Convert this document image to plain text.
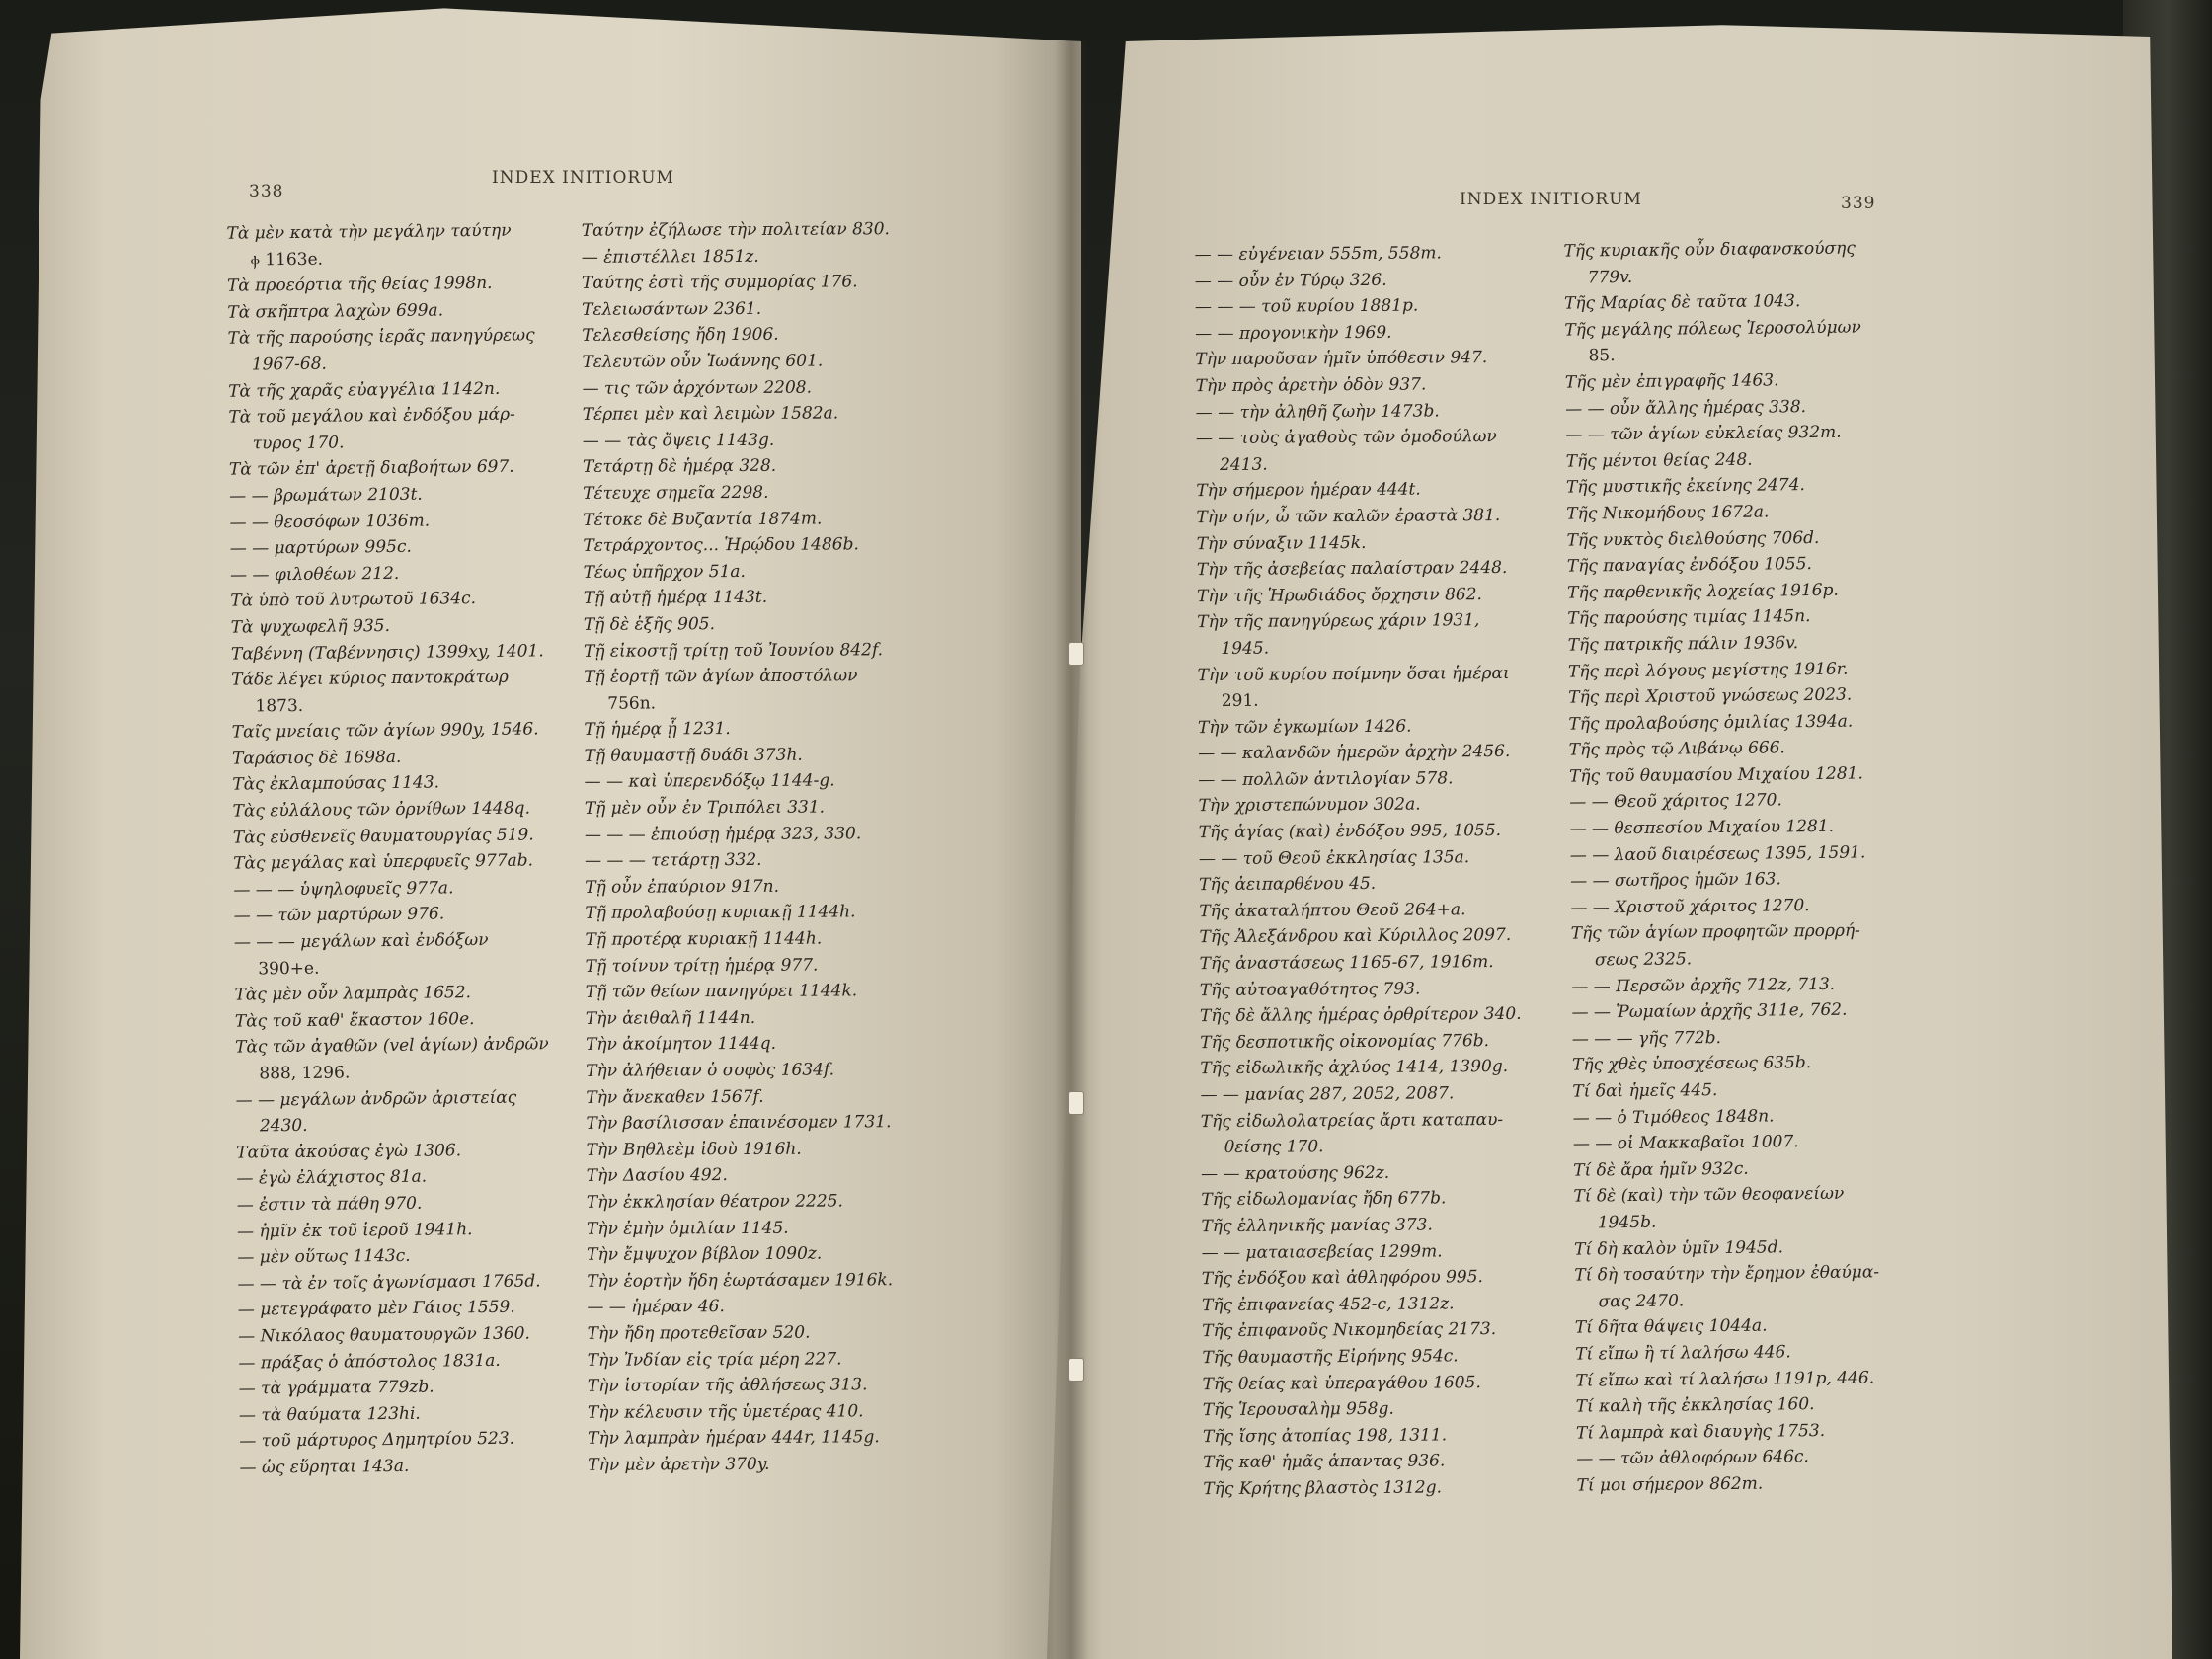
338
INDEX INITIORUM
INDEX INITIORUM	339
Τὰ μὲν κατὰ τὴν μεγάλην ταύτην
ⲫ 1163e.
Τὰ προεόρτια τῆς θείας 1998n.
Τὰ σκῆπτρα λαχὼν 699a.
Τὰ τῆς παρούσης ἱερᾶς πανηγύρεως
1967-68.
Τὰ τῆς χαρᾶς εὐαγγέλια 1142n.
Τὰ τοῦ μεγάλου καὶ ἐνδόξου μάρ-
τυρος 170.
Τὰ τῶν ἐπ' ἀρετῇ διαβοήτων 697.
— — βρωμάτων 2103t.
— — θεοσόφων 1036m.
— — μαρτύρων 995c.
— — φιλοθέων 212.
Τὰ ὑπὸ τοῦ λυτρωτοῦ 1634c.
Τὰ ψυχωφελῆ 935.
Ταβέννη (Ταβέννησις) 1399xy, 1401.
Τάδε λέγει κύριος παντοκράτωρ
1873.
Ταῖς μνείαις τῶν ἁγίων 990y, 1546.
Ταράσιος δὲ 1698a.
Τὰς ἐκλαμπούσας 1143.
Τὰς εὐλάλους τῶν ὀρνίθων 1448q.
Τὰς εὐσθενεῖς θαυματουργίας 519.
Τὰς μεγάλας καὶ ὑπερφυεῖς 977ab.
— — — ὑψηλοφυεῖς 977a.
— — τῶν μαρτύρων 976.
— — — μεγάλων καὶ ἐνδόξων
390+e.
Τὰς μὲν οὖν λαμπρὰς 1652.
Τὰς τοῦ καθ' ἕκαστον 160e.
Τὰς τῶν ἀγαθῶν (vel ἁγίων) ἀνδρῶν
888, 1296.
— — μεγάλων ἀνδρῶν ἀριστείας
2430.
Ταῦτα ἀκούσας ἐγὼ 1306.
— ἐγὼ ἐλάχιστος 81a.
— ἐστιν τὰ πάθη 970.
— ἡμῖν ἐκ τοῦ ἱεροῦ 1941h.
— μὲν οὕτως 1143c.
— — τὰ ἐν τοῖς ἀγωνίσμασι 1765d.
— μετεγράφατο μὲν Γάιος 1559.
— Νικόλαος θαυματουργῶν 1360.
— πράξας ὁ ἀπόστολος 1831a.
— τὰ γράμματα 779zb.
— τὰ θαύματα 123hi.
— τοῦ μάρτυρος Δημητρίου 523.
— ὡς εὕρηται 143a.
Ταύτην ἐζήλωσε τὴν πολιτείαν 830.
— ἐπιστέλλει 1851z.
Ταύτης ἐστὶ τῆς συμμορίας 176.
Τελειωσάντων 2361.
Τελεσθείσης ἤδη 1906.
Τελευτῶν οὖν Ἰωάννης 601.
— τις τῶν ἀρχόντων 2208.
Τέρπει μὲν καὶ λειμὼν 1582a.
— — τὰς ὄψεις 1143g.
Τετάρτῃ δὲ ἡμέρᾳ 328.
Τέτευχε σημεῖα 2298.
Τέτοκε δὲ Βυζαντία 1874m.
Τετράρχοντος... Ἡρῴδου 1486b.
Τέως ὑπῆρχον 51a.
Τῇ αὐτῇ ἡμέρᾳ 1143t.
Τῇ δὲ ἑξῆς 905.
Τῇ εἰκοστῇ τρίτῃ τοῦ Ἰουνίου 842f.
Τῇ ἑορτῇ τῶν ἁγίων ἀποστόλων
756n.
Τῇ ἡμέρᾳ ᾗ 1231.
Τῇ θαυμαστῇ δυάδι 373h.
— — καὶ ὑπερενδόξῳ 1144-g.
Τῇ μὲν οὖν ἐν Τριπόλει 331.
— — — ἐπιούσῃ ἡμέρᾳ 323, 330.
— — — τετάρτῃ 332.
Τῇ οὖν ἐπαύριον 917n.
Τῇ προλαβούσῃ κυριακῇ 1144h.
Τῇ προτέρᾳ κυριακῇ 1144h.
Τῇ τοίνυν τρίτῃ ἡμέρᾳ 977.
Τῇ τῶν θείων πανηγύρει 1144k.
Τὴν ἀειθαλῆ 1144n.
Τὴν ἀκοίμητον 1144q.
Τὴν ἀλήθειαν ὁ σοφὸς 1634f.
Τὴν ἄνεκαθεν 1567f.
Τὴν βασίλισσαν ἐπαινέσομεν 1731.
Τὴν Βηθλεὲμ ἰδοὺ 1916h.
Τὴν Δασίου 492.
Τὴν ἐκκλησίαν θέατρον 2225.
Τὴν ἐμὴν ὁμιλίαν 1145.
Τὴν ἔμψυχον βίβλον 1090z.
Τὴν ἑορτὴν ἤδη ἑωρτάσαμεν 1916k.
— — ἡμέραν 46.
Τὴν ἤδη προτεθεῖσαν 520.
Τὴν Ἰνδίαν εἰς τρία μέρη 227.
Τὴν ἱστορίαν τῆς ἀθλήσεως 313.
Τὴν κέλευσιν τῆς ὑμετέρας 410.
Τὴν λαμπρὰν ἡμέραν 444r, 1145g.
Τὴν μὲν ἀρετὴν 370y.
— — εὐγένειαν 555m, 558m.
— — οὖν ἐν Τύρῳ 326.
— — — τοῦ κυρίου 1881p.
— — προγονικὴν 1969.
Τὴν παροῦσαν ἡμῖν ὑπόθεσιν 947.
Τὴν πρὸς ἀρετὴν ὁδὸν 937.
— — τὴν ἀληθῆ ζωὴν 1473b.
— — τοὺς ἀγαθοὺς τῶν ὁμοδούλων
2413.
Τὴν σήμερον ἡμέραν 444t.
Τὴν σήν, ὦ τῶν καλῶν ἐραστὰ 381.
Τὴν σύναξιν 1145k.
Τὴν τῆς ἀσεβείας παλαίστραν 2448.
Τὴν τῆς Ἡρωδιάδος ὄρχησιν 862.
Τὴν τῆς πανηγύρεως χάριν 1931,
1945.
Τὴν τοῦ κυρίου ποίμνην ὅσαι ἡμέραι
291.
Τὴν τῶν ἐγκωμίων 1426.
— — καλανδῶν ἡμερῶν ἀρχὴν 2456.
— — πολλῶν ἀντιλογίαν 578.
Τὴν χριστεπώνυμον 302a.
Τῆς ἁγίας (καὶ) ἐνδόξου 995, 1055.
— — τοῦ Θεοῦ ἐκκλησίας 135a.
Τῆς ἀειπαρθένου 45.
Τῆς ἀκαταλήπτου Θεοῦ 264+a.
Τῆς Ἀλεξάνδρου καὶ Κύριλλος 2097.
Τῆς ἀναστάσεως 1165-67, 1916m.
Τῆς αὐτοαγαθότητος 793.
Τῆς δὲ ἄλλης ἡμέρας ὀρθρίτερον 340.
Τῆς δεσποτικῆς οἰκονομίας 776b.
Τῆς εἰδωλικῆς ἀχλύος 1414, 1390g.
— — μανίας 287, 2052, 2087.
Τῆς εἰδωλολατρείας ἄρτι καταπαυ-
θείσης 170.
— — κρατούσης 962z.
Τῆς εἰδωλομανίας ἤδη 677b.
Τῆς ἑλληνικῆς μανίας 373.
— — ματαιασεβείας 1299m.
Τῆς ἐνδόξου καὶ ἀθληφόρου 995.
Τῆς ἐπιφανείας 452-c, 1312z.
Τῆς ἐπιφανοῦς Νικομηδείας 2173.
Τῆς θαυμαστῆς Εἰρήνης 954c.
Τῆς θείας καὶ ὑπεραγάθου 1605.
Τῆς Ἱερουσαλὴμ 958g.
Τῆς ἴσης ἀτοπίας 198, 1311.
Τῆς καθ' ἡμᾶς ἁπαντας 936.
Τῆς Κρήτης βλαστὸς 1312g.
Τῆς κυριακῆς οὖν διαφανσκούσης
779v.
Τῆς Μαρίας δὲ ταῦτα 1043.
Τῆς μεγάλης πόλεως Ἱεροσολύμων
85.
Τῆς μὲν ἐπιγραφῆς 1463.
— — οὖν ἄλλης ἡμέρας 338.
— — τῶν ἁγίων εὐκλείας 932m.
Τῆς μέντοι θείας 248.
Τῆς μυστικῆς ἐκείνης 2474.
Τῆς Νικομήδους 1672a.
Τῆς νυκτὸς διελθούσης 706d.
Τῆς παναγίας ἐνδόξου 1055.
Τῆς παρθενικῆς λοχείας 1916p.
Τῆς παρούσης τιμίας 1145n.
Τῆς πατρικῆς πάλιν 1936v.
Τῆς περὶ λόγους μεγίστης 1916r.
Τῆς περὶ Χριστοῦ γνώσεως 2023.
Τῆς προλαβούσης ὁμιλίας 1394a.
Τῆς πρὸς τῷ Λιβάνῳ 666.
Τῆς τοῦ θαυμασίου Μιχαίου 1281.
— — Θεοῦ χάριτος 1270.
— — θεσπεσίου Μιχαίου 1281.
— — λαοῦ διαιρέσεως 1395, 1591.
— — σωτῆρος ἡμῶν 163.
— — Χριστοῦ χάριτος 1270.
Τῆς τῶν ἁγίων προφητῶν προρρή-
σεως 2325.
— — Περσῶν ἀρχῆς 712z, 713.
— — Ῥωμαίων ἀρχῆς 311e, 762.
— — — γῆς 772b.
Τῆς χθὲς ὑποσχέσεως 635b.
Τί δαὶ ἡμεῖς 445.
— — ὁ Τιμόθεος 1848n.
— — οἱ Μακκαβαῖοι 1007.
Τί δὲ ἄρα ἡμῖν 932c.
Τί δὲ (καὶ) τὴν τῶν θεοφανείων
1945b.
Τί δὴ καλὸν ὑμῖν 1945d.
Τί δὴ τοσαύτην τὴν ἔρημον ἐθαύμα-
σας 2470.
Τί δῆτα θάψεις 1044a.
Τί εἴπω ἢ τί λαλήσω 446.
Τί εἴπω καὶ τί λαλήσω 1191p, 446.
Τί καλὴ τῆς ἐκκλησίας 160.
Τί λαμπρὰ καὶ διαυγὴς 1753.
— — τῶν ἀθλοφόρων 646c.
Τί μοι σήμερον 862m.
